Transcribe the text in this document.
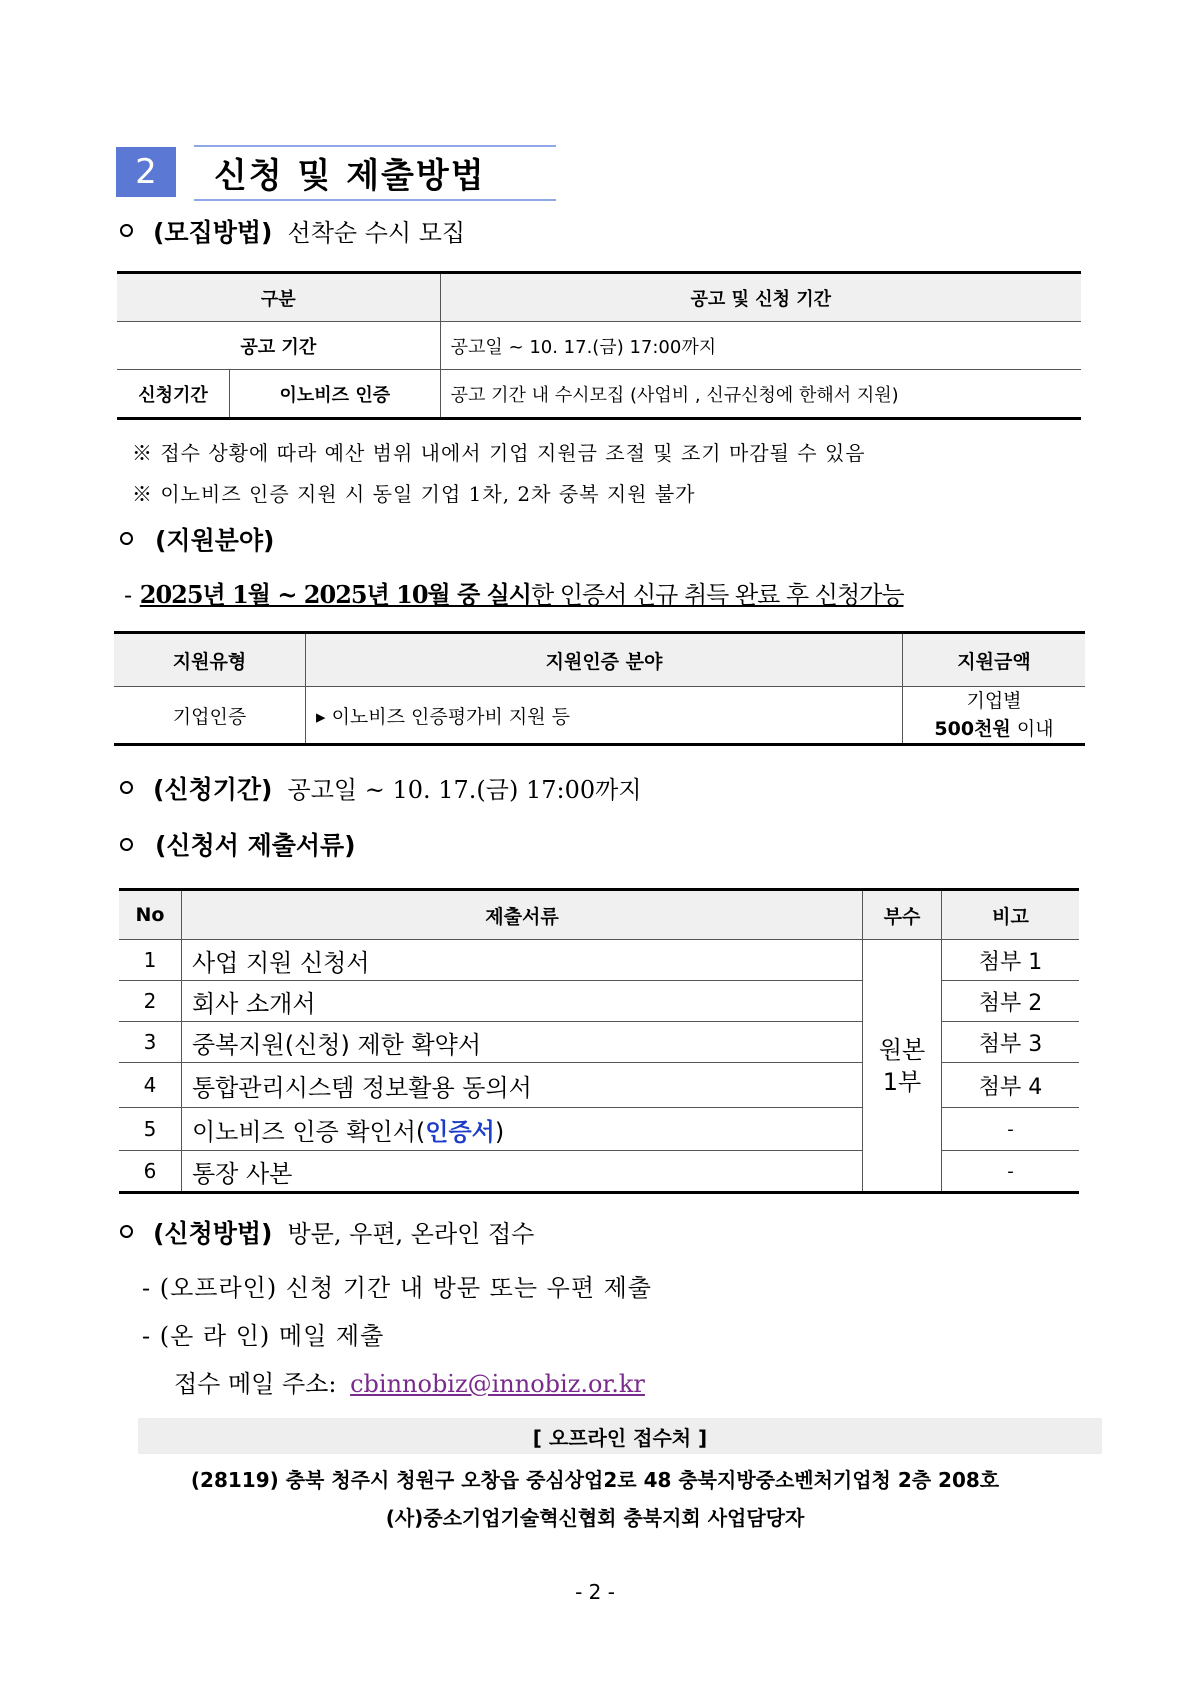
2	신청 및 제출방법
(모집방법) 선착순 수시 모집
구분		공고 및 신청 기간
공고 기간		공고일 ~ 10. 17.(금) 17:00까지
신청기간	이노비즈 인증	공고 기간 내 수시모집 (사업비 , 신규신청에 한해서 지원)
※ 접수 상황에 따라 예산 범위 내에서 기업 지원금 조절 및 조기 마감될 수 있음
※ 이노비즈 인증 지원 시 동일 기업 1차, 2차 중복 지원 불가
(지원분야)
- 2025년 1월 ~ 2025년 10월 중 실시한 인증서 신규 취득 완료 후 신청가능
지원유형	지원인증 분야	지원금액
기업인증	▸ 이노비즈 인증평가비 지원 등	기업별
500천원 이내
(신청기간) 공고일 ~ 10. 17.(금) 17:00까지
(신청서 제출서류)
No	제출서류	부수	비고
1	사업 지원 신청서	원본 1부	첨부 1
2	회사 소개서		첨부 2
3	중복지원(신청) 제한 확약서		첨부 3
4	통합관리시스템 정보활용 동의서		첨부 4
5	이노비즈 인증 확인서(인증서)		-
6	통장 사본		-
(신청방법) 방문, 우편, 온라인 접수
- (오프라인) 신청 기간 내 방문 또는 우편 제출
- (온 라 인) 메일 제출
접수 메일 주소: cbinnobiz@innobiz.or.kr
[ 오프라인 접수처 ]
(28119) 충북 청주시 청원구 오창읍 중심상업2로 48 충북지방중소벤처기업청 2층 208호
(사)중소기업기술혁신협회 충북지회 사업담당자
- 2 -
